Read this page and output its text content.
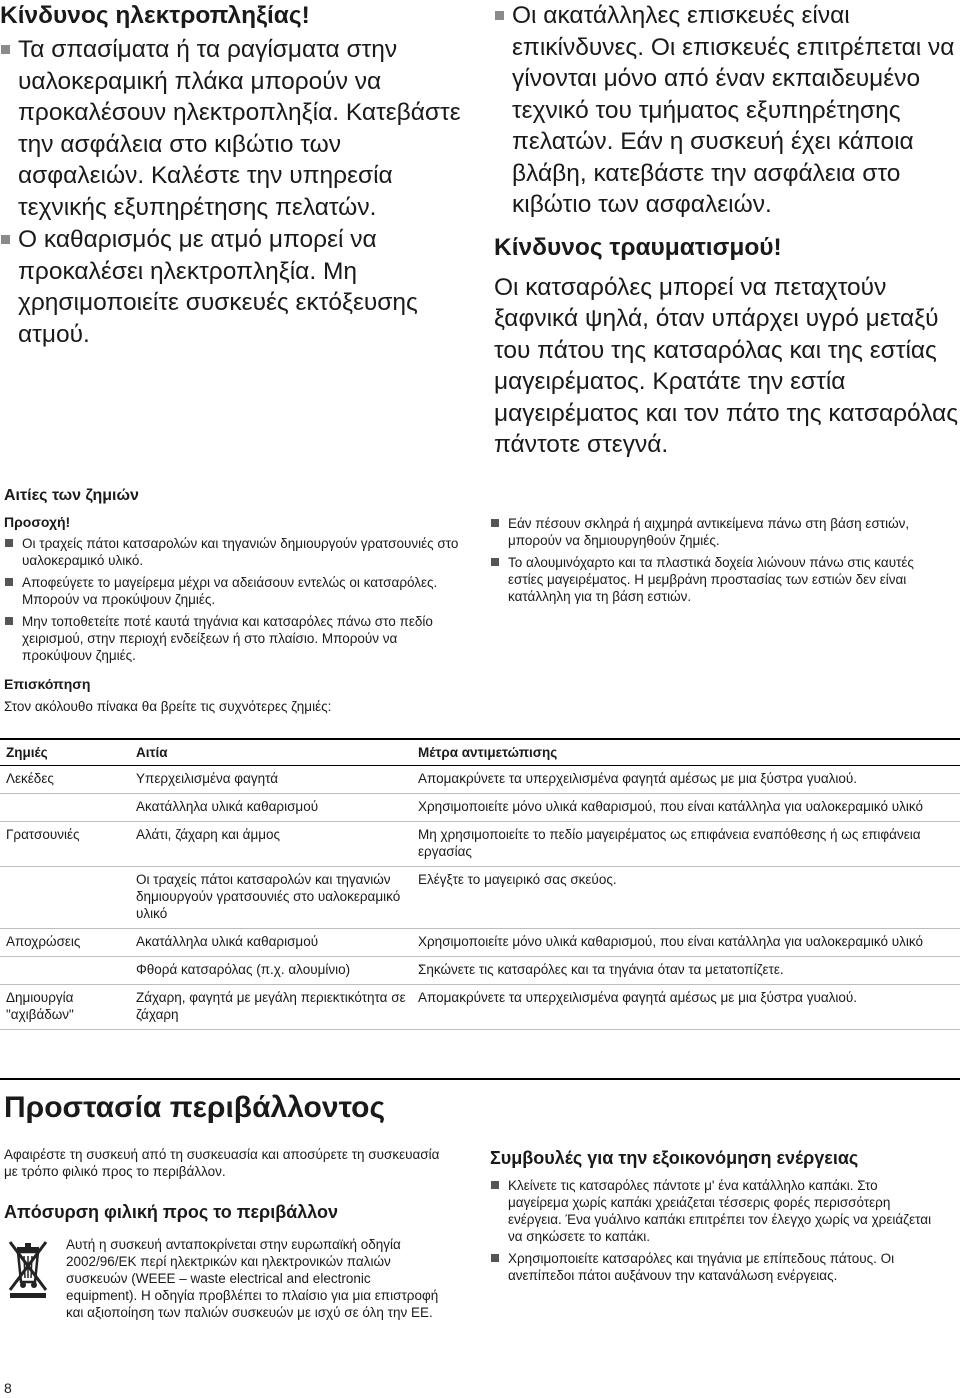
Κίνδυνος ηλεκτροπληξίας!
Τα σπασίματα ή τα ραγίσματα στην υαλοκεραμική πλάκα μπορούν να προκαλέσουν ηλεκτροπληξία. Κατεβάστε την ασφάλεια στο κιβώτιο των ασφαλειών. Καλέστε την υπηρεσία τεχνικής εξυπηρέτησης πελατών.
Ο καθαρισμός με ατμό μπορεί να προκαλέσει ηλεκτροπληξία. Μη χρησιμοποιείτε συσκευές εκτόξευσης ατμού.
Οι ακατάλληλες επισκευές είναι επικίνδυνες. Οι επισκευές επιτρέπεται να γίνονται μόνο από έναν εκπαιδευμένο τεχνικό του τμήματος εξυπηρέτησης πελατών. Εάν η συσκευή έχει κάποια βλάβη, κατεβάστε την ασφάλεια στο κιβώτιο των ασφαλειών.
Κίνδυνος τραυματισμού!

Οι κατσαρόλες μπορεί να πεταχτούν ξαφνικά ψηλά, όταν υπάρχει υγρό μεταξύ του πάτου της κατσαρόλας και της εστίας μαγειρέματος. Κρατάτε την εστία μαγειρέματος και τον πάτο της κατσαρόλας πάντοτε στεγνά.

Αιτίες των ζημιών
Προσοχή!
Οι τραχείς πάτοι κατσαρολών και τηγανιών δημιουργούν γρατσουνιές στο υαλοκεραμικό υλικό.
Αποφεύγετε το μαγείρεμα μέχρι να αδειάσουν εντελώς οι κατσαρόλες. Μπορούν να προκύψουν ζημιές.
Μην τοποθετείτε ποτέ καυτά τηγάνια και κατσαρόλες πάνω στο πεδίο χειρισμού, στην περιοχή ενδείξεων ή στο πλαίσιο. Μπορούν να προκύψουν ζημιές.
Επισκόπηση

Στον ακόλουθο πίνακα θα βρείτε τις συχνότερες ζημιές:

Εάν πέσουν σκληρά ή αιχμηρά αντικείμενα πάνω στη βάση εστιών, μπορούν να δημιουργηθούν ζημιές.
Το αλουμινόχαρτο και τα πλαστικά δοχεία λιώνουν πάνω στις καυτές εστίες μαγειρέματος. Η μεμβράνη προστασίας των εστιών δεν είναι κατάλληλη για τη βάση εστιών.
Ζημιές	Αιτία	Μέτρα αντιμετώπισης
Λεκέδες	Υπερχειλισμένα φαγητά	Απομακρύνετε τα υπερχειλισμένα φαγητά αμέσως με μια ξύστρα γυαλιού.
	Ακατάλληλα υλικά καθαρισμού	Χρησιμοποιείτε μόνο υλικά καθαρισμού, που είναι κατάλληλα για υαλοκεραμικό υλικό
Γρατσουνιές	Αλάτι, ζάχαρη και άμμος	Μη χρησιμοποιείτε το πεδίο μαγειρέματος ως επιφάνεια εναπόθεσης ή ως επιφάνεια εργασίας
	Οι τραχείς πάτοι κατσαρολών και τηγανιών δημιουργούν γρατσουνιές στο υαλοκεραμικό υλικό	Ελέγξτε το μαγειρικό σας σκεύος.
Αποχρώσεις	Ακατάλληλα υλικά καθαρισμού	Χρησιμοποιείτε μόνο υλικά καθαρισμού, που είναι κατάλληλα για υαλοκεραμικό υλικό
	Φθορά κατσαρόλας (π.χ. αλουμίνιο)	Σηκώνετε τις κατσαρόλες και τα τηγάνια όταν τα μετατοπίζετε.
Δημιουργία "αχιβάδων"	Ζάχαρη, φαγητά με μεγάλη περιεκτικότητα σε ζάχαρη	Απομακρύνετε τα υπερχειλισμένα φαγητά αμέσως με μια ξύστρα γυαλιού.
Προστασία περιβάλλοντος

Αφαιρέστε τη συσκευή από τη συσκευασία και αποσύρετε τη συσκευασία με τρόπο φιλικό προς το περιβάλλον.

Απόσυρση φιλική προς το περιβάλλον

Αυτή η συσκευή ανταποκρίνεται στην ευρωπαϊκή οδηγία 2002/96/ΕΚ περί ηλεκτρικών και ηλεκτρονικών παλιών συσκευών (WEEE – waste electrical and electronic equipment). Η οδηγία προβλέπει το πλαίσιο για μια επιστροφή και αξιοποίηση των παλιών συσκευών με ισχύ σε όλη την ΕΕ.

Συμβουλές για την εξοικονόμηση ενέργειας
Κλείνετε τις κατσαρόλες πάντοτε μ' ένα κατάλληλο καπάκι. Στο μαγείρεμα χωρίς καπάκι χρειάζεται τέσσερις φορές περισσότερη ενέργεια. Ένα γυάλινο καπάκι επιτρέπει τον έλεγχο χωρίς να χρειάζεται να σηκώσετε το καπάκι.
Χρησιμοποιείτε κατσαρόλες και τηγάνια με επίπεδους πάτους. Οι ανεπίπεδοι πάτοι αυξάνουν την κατανάλωση ενέργειας.
8
